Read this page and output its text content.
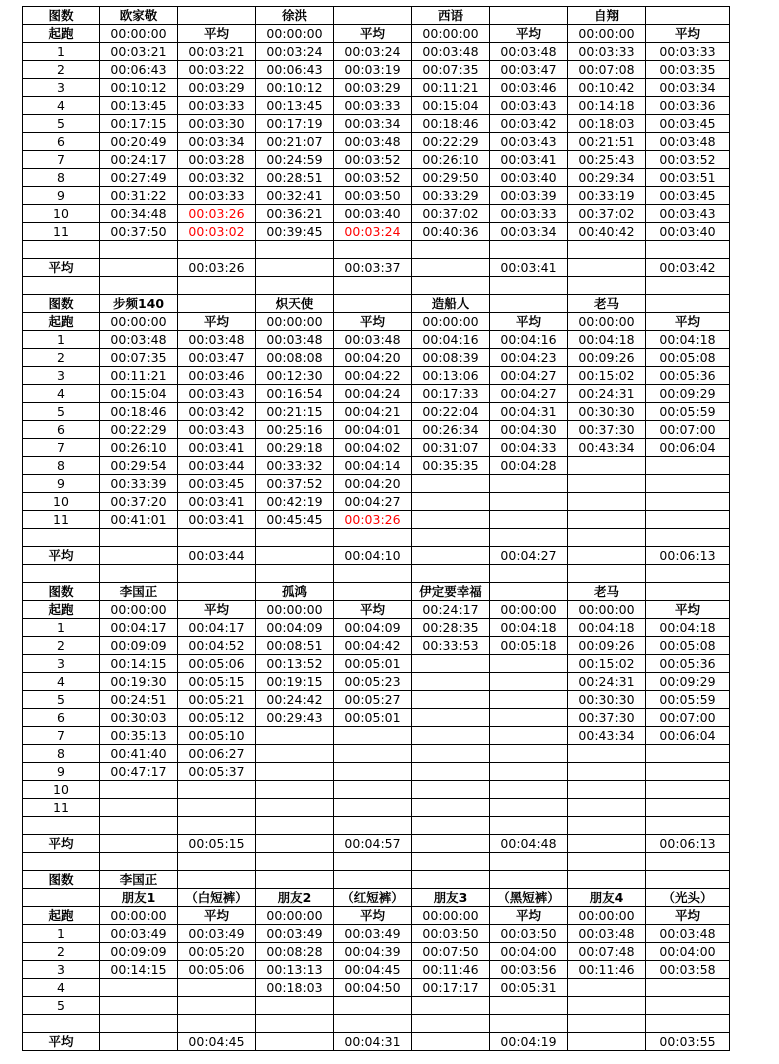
图数	欧家敬		徐洪		西语		自翔	
起跑	00:00:00	平均	00:00:00	平均	00:00:00	平均	00:00:00	平均
1	00:03:21	00:03:21	00:03:24	00:03:24	00:03:48	00:03:48	00:03:33	00:03:33
2	00:06:43	00:03:22	00:06:43	00:03:19	00:07:35	00:03:47	00:07:08	00:03:35
3	00:10:12	00:03:29	00:10:12	00:03:29	00:11:21	00:03:46	00:10:42	00:03:34
4	00:13:45	00:03:33	00:13:45	00:03:33	00:15:04	00:03:43	00:14:18	00:03:36
5	00:17:15	00:03:30	00:17:19	00:03:34	00:18:46	00:03:42	00:18:03	00:03:45
6	00:20:49	00:03:34	00:21:07	00:03:48	00:22:29	00:03:43	00:21:51	00:03:48
7	00:24:17	00:03:28	00:24:59	00:03:52	00:26:10	00:03:41	00:25:43	00:03:52
8	00:27:49	00:03:32	00:28:51	00:03:52	00:29:50	00:03:40	00:29:34	00:03:51
9	00:31:22	00:03:33	00:32:41	00:03:50	00:33:29	00:03:39	00:33:19	00:03:45
10	00:34:48	00:03:26	00:36:21	00:03:40	00:37:02	00:03:33	00:37:02	00:03:43
11	00:37:50	00:03:02	00:39:45	00:03:24	00:40:36	00:03:34	00:40:42	00:03:40

平均		00:03:26		00:03:37		00:03:41		00:03:42

图数	步频140		炽天使		造船人		老马	
起跑	00:00:00	平均	00:00:00	平均	00:00:00	平均	00:00:00	平均
1	00:03:48	00:03:48	00:03:48	00:03:48	00:04:16	00:04:16	00:04:18	00:04:18
2	00:07:35	00:03:47	00:08:08	00:04:20	00:08:39	00:04:23	00:09:26	00:05:08
3	00:11:21	00:03:46	00:12:30	00:04:22	00:13:06	00:04:27	00:15:02	00:05:36
4	00:15:04	00:03:43	00:16:54	00:04:24	00:17:33	00:04:27	00:24:31	00:09:29
5	00:18:46	00:03:42	00:21:15	00:04:21	00:22:04	00:04:31	00:30:30	00:05:59
6	00:22:29	00:03:43	00:25:16	00:04:01	00:26:34	00:04:30	00:37:30	00:07:00
7	00:26:10	00:03:41	00:29:18	00:04:02	00:31:07	00:04:33	00:43:34	00:06:04
8	00:29:54	00:03:44	00:33:32	00:04:14	00:35:35	00:04:28		
9	00:33:39	00:03:45	00:37:52	00:04:20				
10	00:37:20	00:03:41	00:42:19	00:04:27				
11	00:41:01	00:03:41	00:45:45	00:03:26				

平均		00:03:44		00:04:10		00:04:27		00:06:13

图数	李国正		孤鸿		伊定要幸福		老马	
起跑	00:00:00	平均	00:00:00	平均	00:24:17	00:00:00	00:00:00	平均
1	00:04:17	00:04:17	00:04:09	00:04:09	00:28:35	00:04:18	00:04:18	00:04:18
2	00:09:09	00:04:52	00:08:51	00:04:42	00:33:53	00:05:18	00:09:26	00:05:08
3	00:14:15	00:05:06	00:13:52	00:05:01			00:15:02	00:05:36
4	00:19:30	00:05:15	00:19:15	00:05:23			00:24:31	00:09:29
5	00:24:51	00:05:21	00:24:42	00:05:27			00:30:30	00:05:59
6	00:30:03	00:05:12	00:29:43	00:05:01			00:37:30	00:07:00
7	00:35:13	00:05:10					00:43:34	00:06:04
8	00:41:40	00:06:27						
9	00:47:17	00:05:37						
10								
11								

平均		00:05:15		00:04:57		00:04:48		00:06:13

图数	李国正							
	朋友1	（白短裤）	朋友2	（红短裤）	朋友3	（黑短裤）	朋友4	（光头）
起跑	00:00:00	平均	00:00:00	平均	00:00:00	平均	00:00:00	平均
1	00:03:49	00:03:49	00:03:49	00:03:49	00:03:50	00:03:50	00:03:48	00:03:48
2	00:09:09	00:05:20	00:08:28	00:04:39	00:07:50	00:04:00	00:07:48	00:04:00
3	00:14:15	00:05:06	00:13:13	00:04:45	00:11:46	00:03:56	00:11:46	00:03:58
4			00:18:03	00:04:50	00:17:17	00:05:31		
5								

平均		00:04:45		00:04:31		00:04:19		00:03:55
